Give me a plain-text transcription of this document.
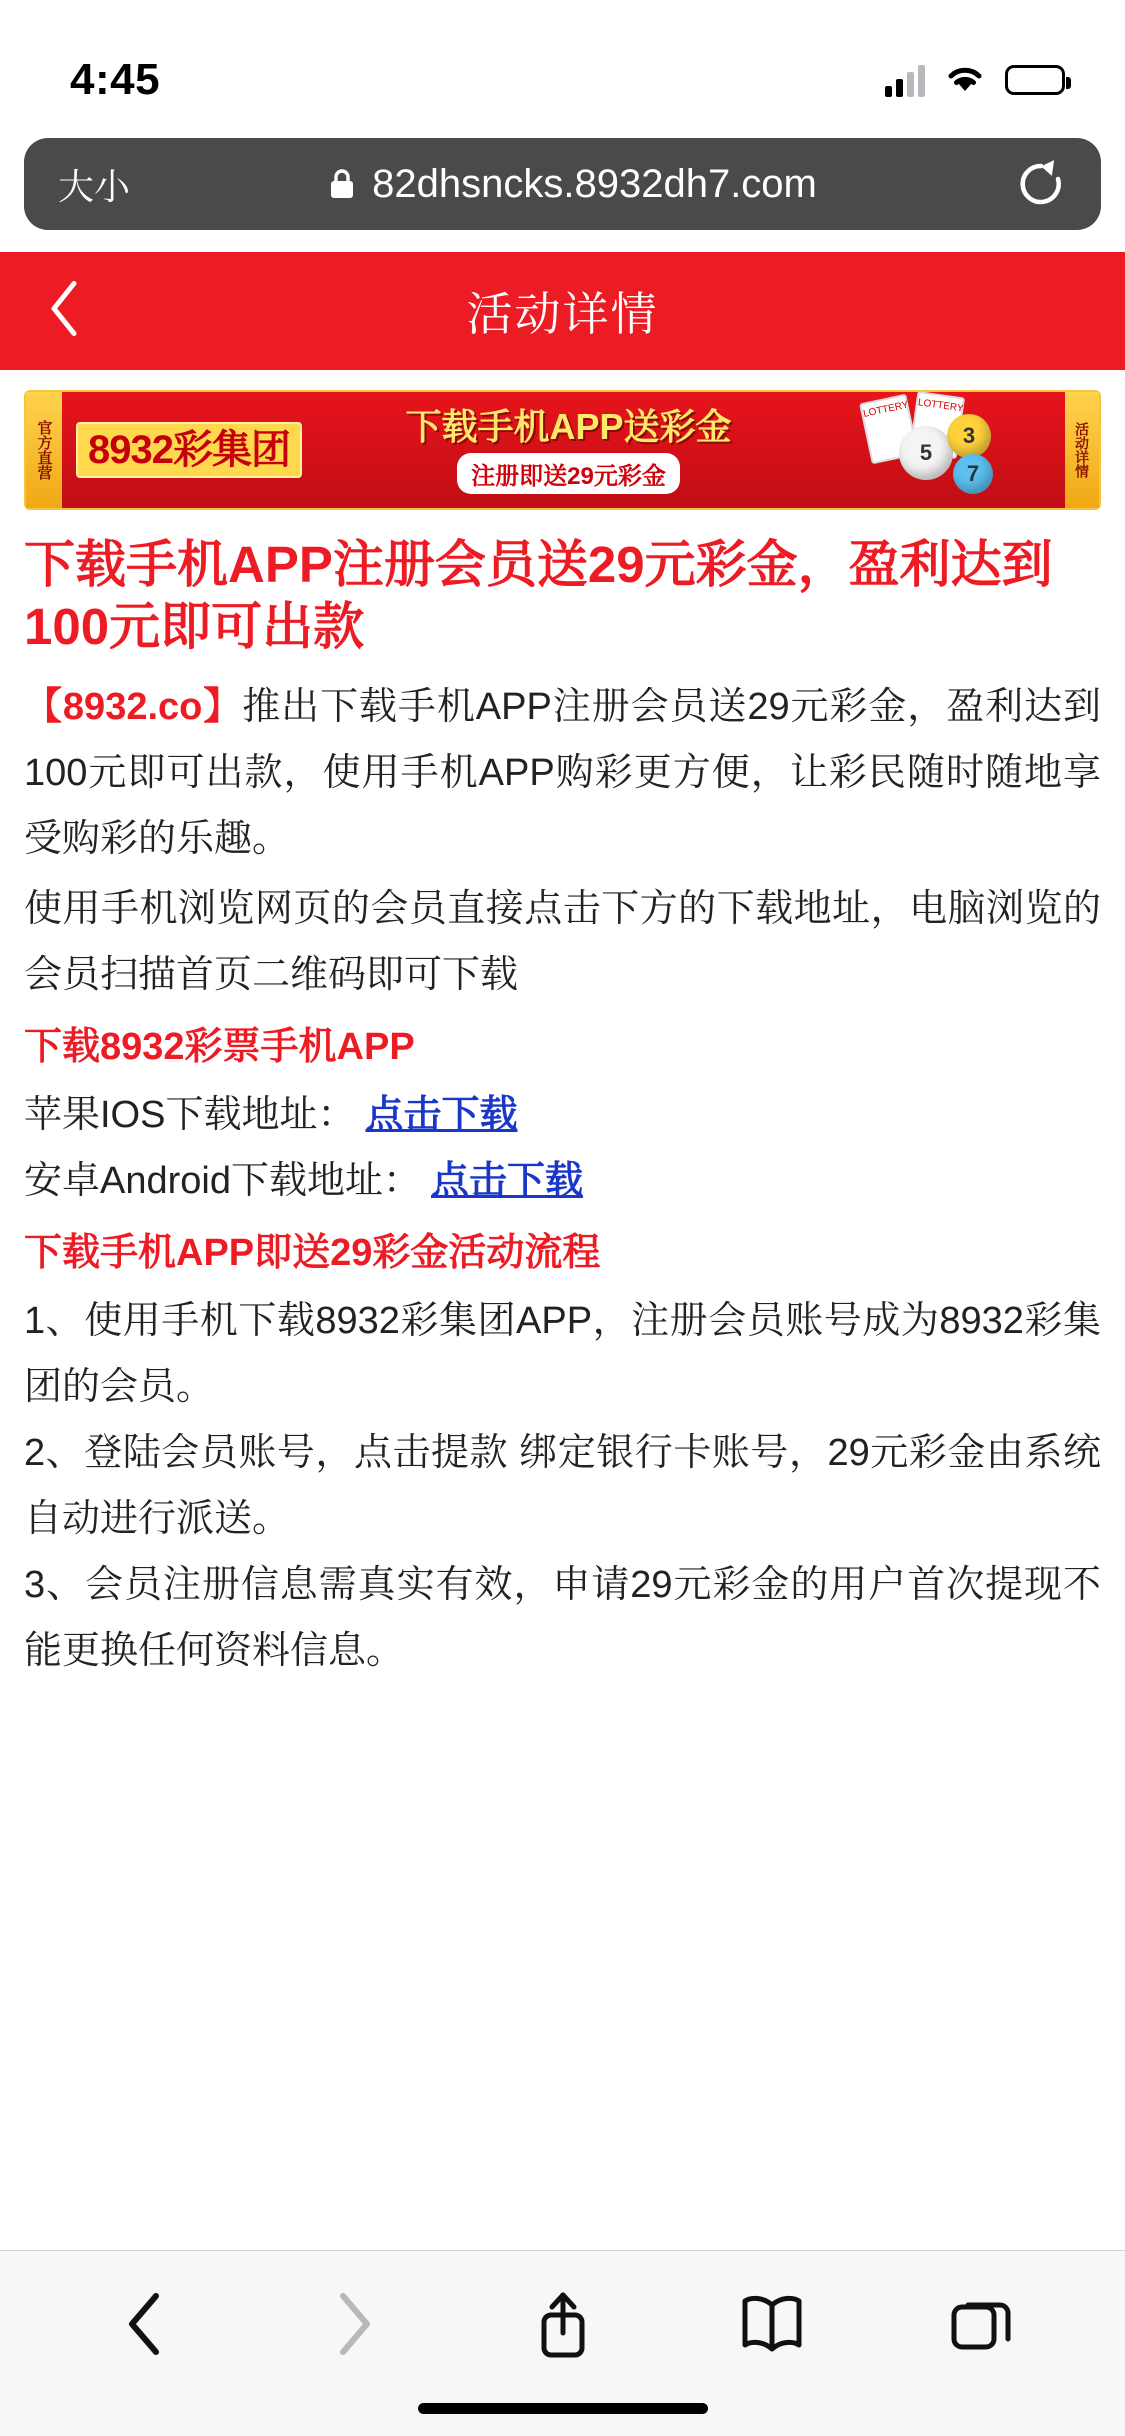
4:45	⚡
大小	82dhsncks.8932dh7.com
活动详情
官方直营 8932彩集团
下载手机APP送彩金
注册即送29元彩金
LOTTERY LOTTERY
5
3
7	活动详情
下载手机APP注册会员送29元彩金，盈利达到100元即可出款

【8932.co】推出下载手机APP注册会员送29元彩金，盈利达到100元即可出款，使用手机APP购彩更方便，让彩民随时随地享受购彩的乐趣。

使用手机浏览网页的会员直接点击下方的下载地址，电脑浏览的会员扫描首页二维码即可下载

下载8932彩票手机APP

苹果IOS下载地址： 点击下载

安卓Android下载地址： 点击下载

下载手机APP即送29彩金活动流程

1、使用手机下载8932彩集团APP，注册会员账号成为8932彩集团的会员。

2、登陆会员账号，点击提款 绑定银行卡账号，29元彩金由系统自动进行派送。

3、会员注册信息需真实有效，申请29元彩金的用户首次提现不能更换任何资料信息。
